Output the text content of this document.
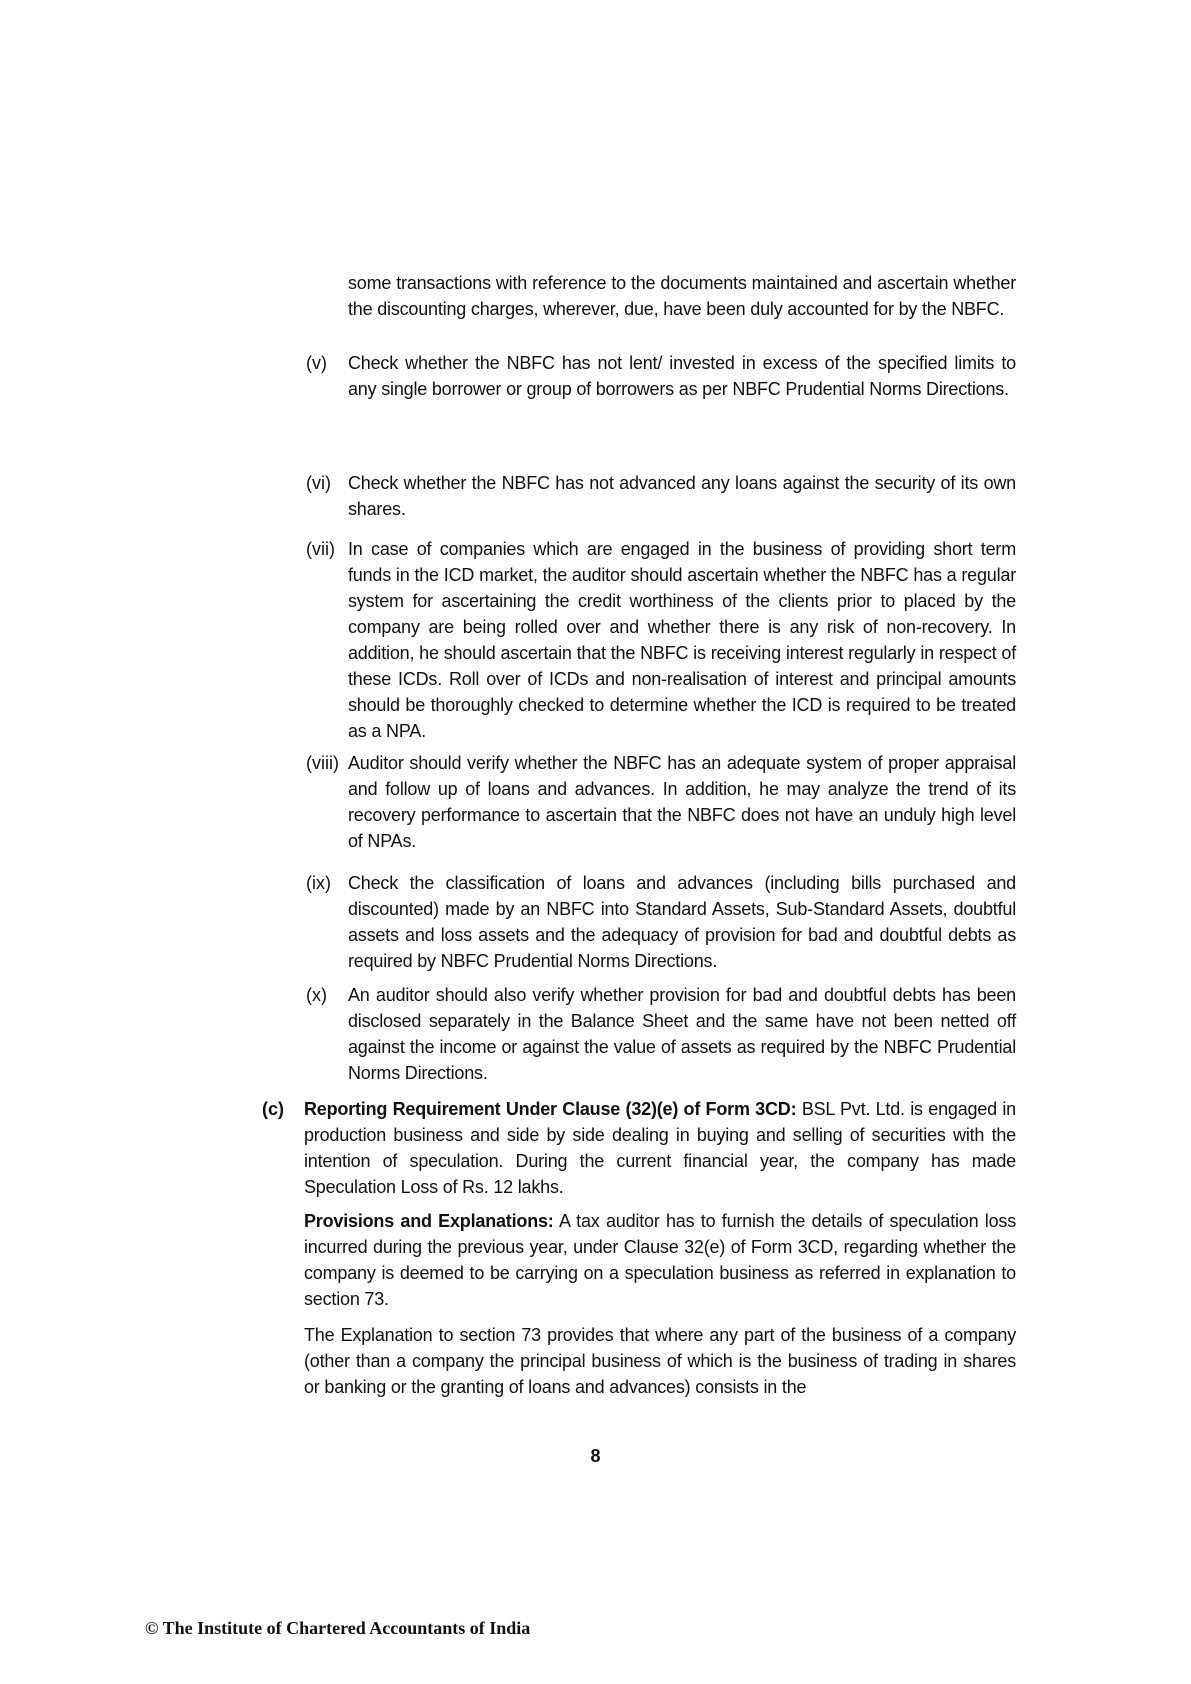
some transactions with reference to the documents maintained and ascertain whether the discounting charges, wherever, due, have been duly accounted for by the NBFC.

(v) Check whether the NBFC has not lent/ invested in excess of the specified limits to any single borrower or group of borrowers as per NBFC Prudential Norms Directions.
(vi) Check whether the NBFC has not advanced any loans against the security of its own shares.
(vii) In case of companies which are engaged in the business of providing short term funds in the ICD market, the auditor should ascertain whether the NBFC has a regular system for ascertaining the credit worthiness of the clients prior to placed by the company are being rolled over and whether there is any risk of non-recovery. In addition, he should ascertain that the NBFC is receiving interest regularly in respect of these ICDs. Roll over of ICDs and non-realisation of interest and principal amounts should be thoroughly checked to determine whether the ICD is required to be treated as a NPA.
(viii) Auditor should verify whether the NBFC has an adequate system of proper appraisal and follow up of loans and advances. In addition, he may analyze the trend of its recovery performance to ascertain that the NBFC does not have an unduly high level of NPAs.
(ix) Check the classification of loans and advances (including bills purchased and discounted) made by an NBFC into Standard Assets, Sub-Standard Assets, doubtful assets and loss assets and the adequacy of provision for bad and doubtful debts as required by NBFC Prudential Norms Directions.
(x) An auditor should also verify whether provision for bad and doubtful debts has been disclosed separately in the Balance Sheet and the same have not been netted off against the income or against the value of assets as required by the NBFC Prudential Norms Directions.
(c) Reporting Requirement Under Clause (32)(e) of Form 3CD: BSL Pvt. Ltd. is engaged in production business and side by side dealing in buying and selling of securities with the intention of speculation. During the current financial year, the company has made Speculation Loss of Rs. 12 lakhs.

Provisions and Explanations: A tax auditor has to furnish the details of speculation loss incurred during the previous year, under Clause 32(e) of Form 3CD, regarding whether the company is deemed to be carrying on a speculation business as referred in explanation to section 73.

The Explanation to section 73 provides that where any part of the business of a company (other than a company the principal business of which is the business of trading in shares or banking or the granting of loans and advances) consists in the

8
© The Institute of Chartered Accountants of India
